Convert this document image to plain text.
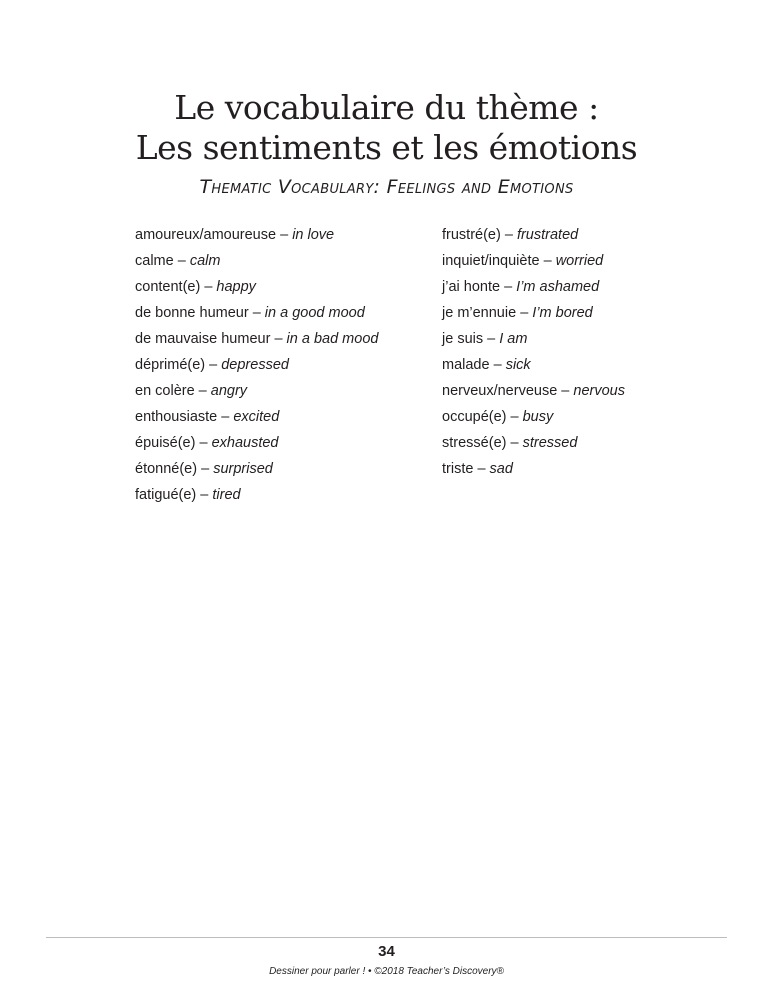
Le vocabulaire du thème :
Les sentiments et les émotions
Thematic Vocabulary: Feelings and Emotions
amoureux/amoureuse – in love
calme – calm
content(e) – happy
de bonne humeur – in a good mood
de mauvaise humeur – in a bad mood
déprimé(e) – depressed
en colère – angry
enthousiaste – excited
épuisé(e) – exhausted
étonné(e) – surprised
fatigué(e) – tired
frustré(e) – frustrated
inquiet/inquiète – worried
j’ai honte – I’m ashamed
je m’ennuie – I’m bored
je suis – I am
malade – sick
nerveux/nerveuse – nervous
occupé(e) – busy
stressé(e) – stressed
triste – sad
34
Dessiner pour parler ! • ©2018 Teacher’s Discovery®
